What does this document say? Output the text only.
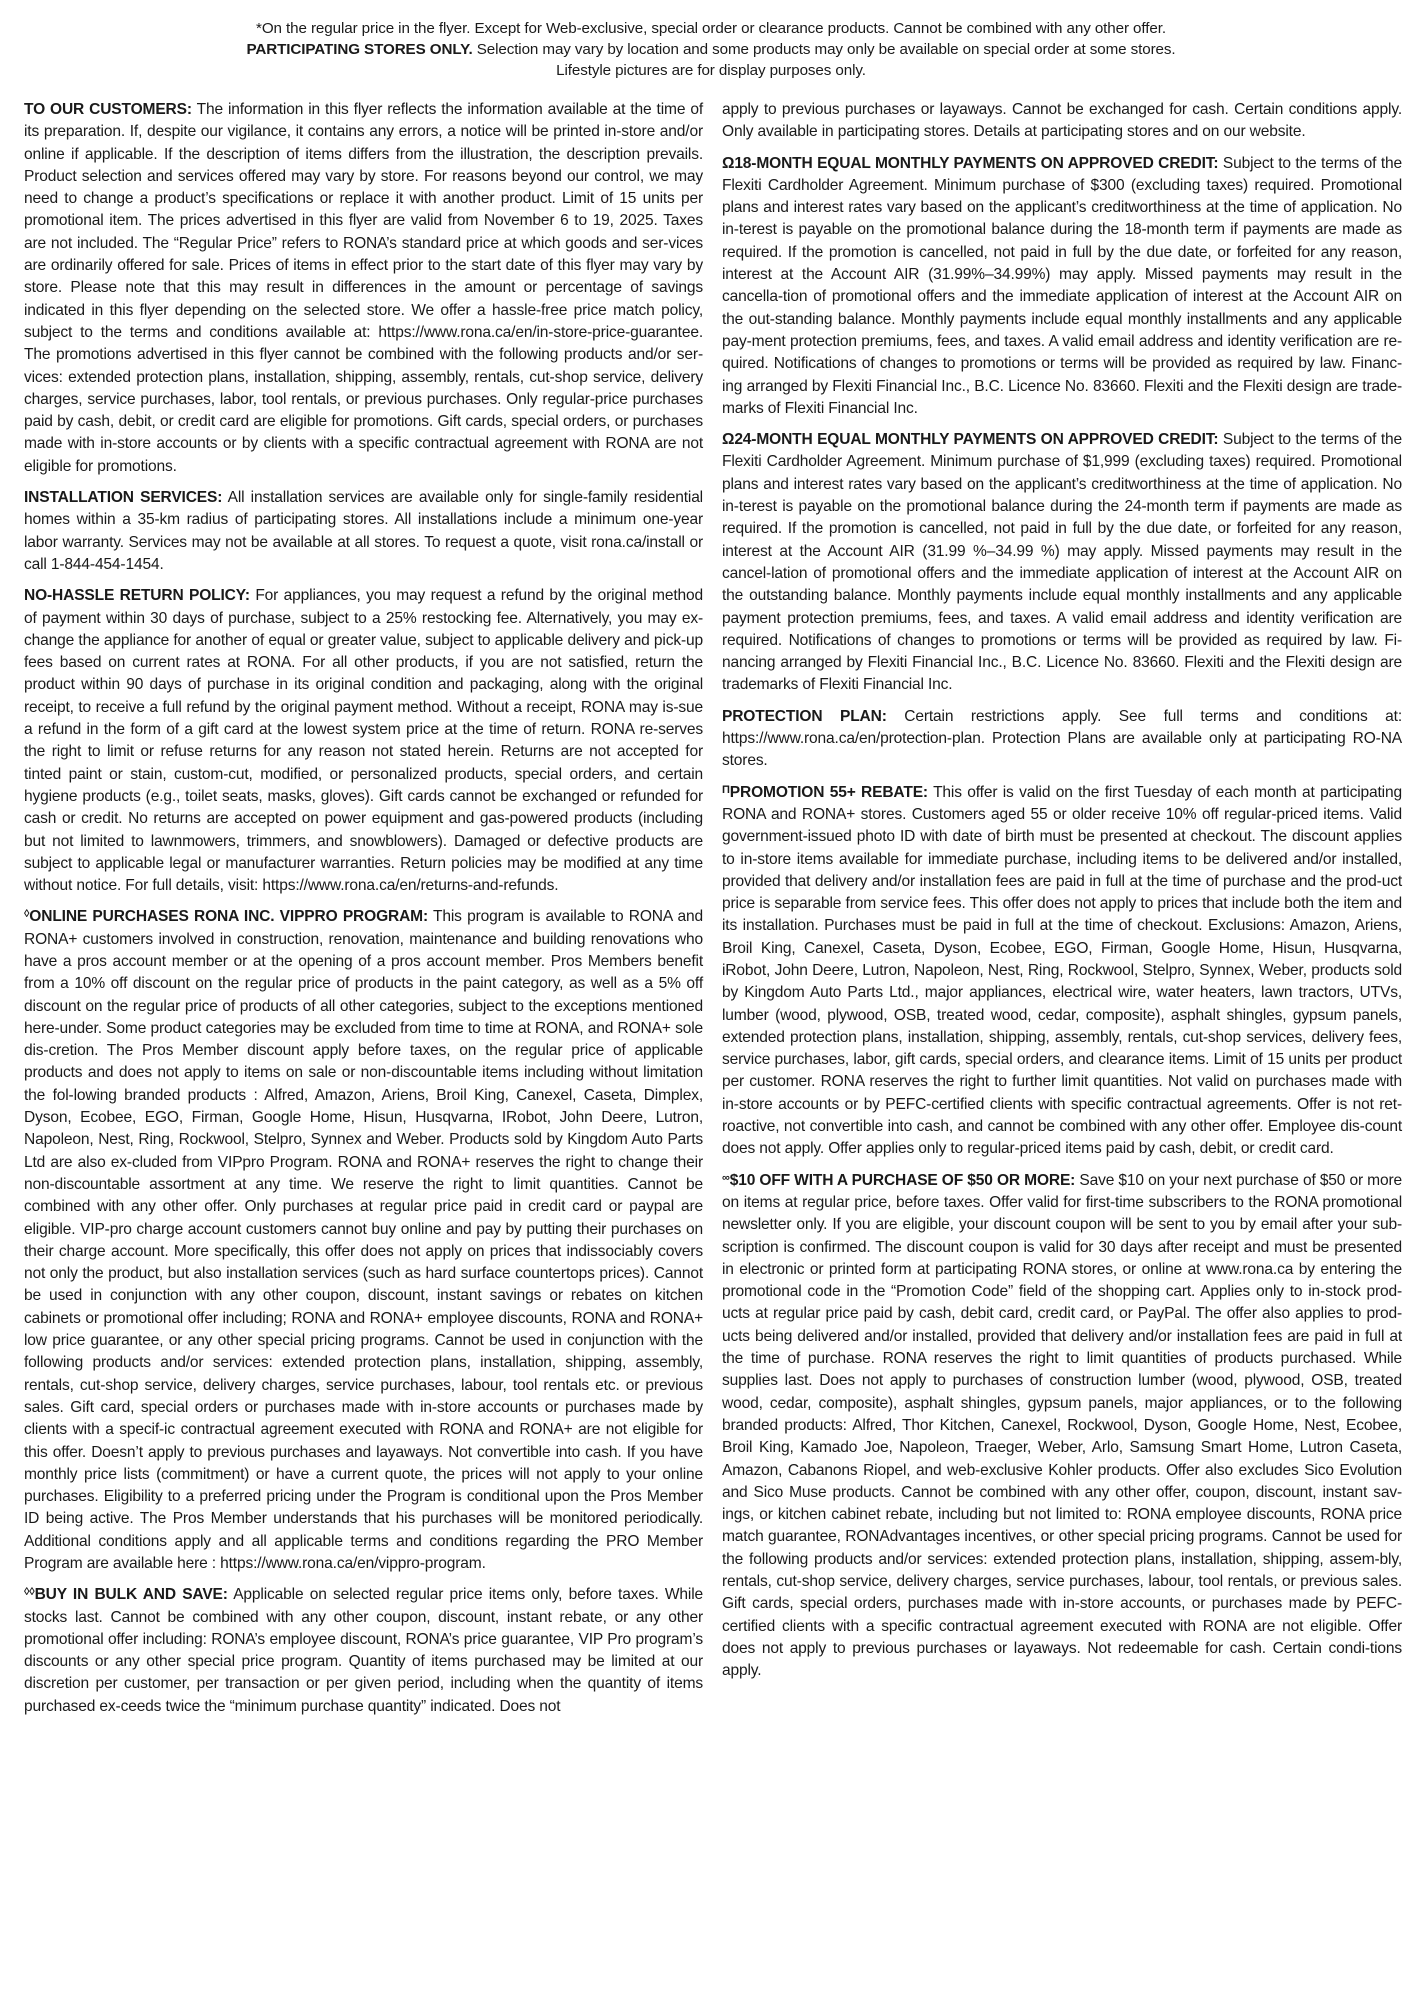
*On the regular price in the flyer. Except for Web-exclusive, special order or clearance products. Cannot be combined with any other offer.
PARTICIPATING STORES ONLY. Selection may vary by location and some products may only be available on special order at some stores.
Lifestyle pictures are for display purposes only.

TO OUR CUSTOMERS: The information in this flyer reflects the information available at the time of its preparation. If, despite our vigilance, it contains any errors, a notice will be printed in-store and/or online if applicable. If the description of items differs from the illustration, the description prevails. Product selection and services offered may vary by store. For reasons beyond our control, we may need to change a product’s specifications or replace it with another product. Limit of 15 units per promotional item. The prices advertised in this flyer are valid from November 6 to 19, 2025. Taxes are not included. The “Regular Price” refers to RONA’s standard price at which goods and ser-vices are ordinarily offered for sale. Prices of items in effect prior to the start date of this flyer may vary by store. Please note that this may result in differences in the amount or percentage of savings indicated in this flyer depending on the selected store. We offer a hassle-free price match policy, subject to the terms and conditions available at: https://www.rona.ca/en/in-store-price-guarantee. The promotions advertised in this flyer cannot be combined with the following products and/or ser-vices: extended protection plans, installation, shipping, assembly, rentals, cut-shop service, delivery charges, service purchases, labor, tool rentals, or previous purchases. Only regular-price purchases paid by cash, debit, or credit card are eligible for promotions. Gift cards, special orders, or purchases made with in-store accounts or by clients with a specific contractual agreement with RONA are not eligible for promotions.

INSTALLATION SERVICES: All installation services are available only for single-family residential homes within a 35-km radius of participating stores. All installations include a minimum one-year labor warranty. Services may not be available at all stores. To request a quote, visit rona.ca/install or call 1-844-454-1454.

NO-HASSLE RETURN POLICY: For appliances, you may request a refund by the original method of payment within 30 days of purchase, subject to a 25% restocking fee. Alternatively, you may ex-change the appliance for another of equal or greater value, subject to applicable delivery and pick-up fees based on current rates at RONA. For all other products, if you are not satisfied, return the product within 90 days of purchase in its original condition and packaging, along with the original receipt, to receive a full refund by the original payment method. Without a receipt, RONA may is-sue a refund in the form of a gift card at the lowest system price at the time of return. RONA re-serves the right to limit or refuse returns for any reason not stated herein. Returns are not accepted for tinted paint or stain, custom-cut, modified, or personalized products, special orders, and certain hygiene products (e.g., toilet seats, masks, gloves). Gift cards cannot be exchanged or refunded for cash or credit. No returns are accepted on power equipment and gas-powered products (including but not limited to lawnmowers, trimmers, and snowblowers). Damaged or defective products are subject to applicable legal or manufacturer warranties. Return policies may be modified at any time without notice. For full details, visit: https://www.rona.ca/en/returns-and-refunds.

◊ONLINE PURCHASES RONA INC. VIPPRO PROGRAM: This program is available to RONA and RONA+ customers involved in construction, renovation, maintenance and building renovations who have a pros account member or at the opening of a pros account member. Pros Members benefit from a 10% off discount on the regular price of products in the paint category, as well as a 5% off discount on the regular price of products of all other categories, subject to the exceptions mentioned here-under. Some product categories may be excluded from time to time at RONA, and RONA+ sole dis-cretion. The Pros Member discount apply before taxes, on the regular price of applicable products and does not apply to items on sale or non-discountable items including without limitation the fol-lowing branded products : Alfred, Amazon, Ariens, Broil King, Canexel, Caseta, Dimplex, Dyson, Ecobee, EGO, Firman, Google Home, Hisun, Husqvarna, IRobot, John Deere, Lutron, Napoleon, Nest, Ring, Rockwool, Stelpro, Synnex and Weber. Products sold by Kingdom Auto Parts Ltd are also ex-cluded from VIPpro Program. RONA and RONA+ reserves the right to change their non-discountable assortment at any time. We reserve the right to limit quantities. Cannot be combined with any other offer. Only purchases at regular price paid in credit card or paypal are eligible. VIP-pro charge account customers cannot buy online and pay by putting their purchases on their charge account. More specifically, this offer does not apply on prices that indissociably covers not only the product, but also installation services (such as hard surface countertops prices). Cannot be used in conjunction with any other coupon, discount, instant savings or rebates on kitchen cabinets or promotional offer including; RONA and RONA+ employee discounts, RONA and RONA+ low price guarantee, or any other special pricing programs. Cannot be used in conjunction with the following products and/or services: extended protection plans, installation, shipping, assembly, rentals, cut-shop service, delivery charges, service purchases, labour, tool rentals etc. or previous sales. Gift card, special orders or purchases made with in-store accounts or purchases made by clients with a specif-ic contractual agreement executed with RONA and RONA+ are not eligible for this offer. Doesn’t apply to previous purchases and layaways. Not convertible into cash. If you have monthly price lists (commitment) or have a current quote, the prices will not apply to your online purchases. Eligibility to a preferred pricing under the Program is conditional upon the Pros Member ID being active. The Pros Member understands that his purchases will be monitored periodically. Additional conditions apply and all applicable terms and conditions regarding the PRO Member Program are available here : https://www.rona.ca/en/vippro-program.

◊◊BUY IN BULK AND SAVE: Applicable on selected regular price items only, before taxes. While stocks last. Cannot be combined with any other coupon, discount, instant rebate, or any other promotional offer including: RONA’s employee discount, RONA’s price guarantee, VIP Pro program’s discounts or any other special price program. Quantity of items purchased may be limited at our discretion per customer, per transaction or per given period, including when the quantity of items purchased ex-ceeds twice the “minimum purchase quantity” indicated. Does not

apply to previous purchases or layaways. Cannot be exchanged for cash. Certain conditions apply. Only available in participating stores. Details at participating stores and on our website.

Ω18-MONTH EQUAL MONTHLY PAYMENTS ON APPROVED CREDIT: Subject to the terms of the Flexiti Cardholder Agreement. Minimum purchase of $300 (excluding taxes) required. Promotional plans and interest rates vary based on the applicant’s creditworthiness at the time of application. No in-terest is payable on the promotional balance during the 18-month term if payments are made as required. If the promotion is cancelled, not paid in full by the due date, or forfeited for any reason, interest at the Account AIR (31.99%–34.99%) may apply. Missed payments may result in the cancella-tion of promotional offers and the immediate application of interest at the Account AIR on the out-standing balance. Monthly payments include equal monthly installments and any applicable pay-ment protection premiums, fees, and taxes. A valid email address and identity verification are re-quired. Notifications of changes to promotions or terms will be provided as required by law. Financ-ing arranged by Flexiti Financial Inc., B.C. Licence No. 83660. Flexiti and the Flexiti design are trade-marks of Flexiti Financial Inc.

Ω24-MONTH EQUAL MONTHLY PAYMENTS ON APPROVED CREDIT: Subject to the terms of the Flexiti Cardholder Agreement. Minimum purchase of $1,999 (excluding taxes) required. Promotional plans and interest rates vary based on the applicant’s creditworthiness at the time of application. No in-terest is payable on the promotional balance during the 24-month term if payments are made as required. If the promotion is cancelled, not paid in full by the due date, or forfeited for any reason, interest at the Account AIR (31.99 %–34.99 %) may apply. Missed payments may result in the cancel-lation of promotional offers and the immediate application of interest at the Account AIR on the outstanding balance. Monthly payments include equal monthly installments and any applicable payment protection premiums, fees, and taxes. A valid email address and identity verification are required. Notifications of changes to promotions or terms will be provided as required by law. Fi-nancing arranged by Flexiti Financial Inc., B.C. Licence No. 83660. Flexiti and the Flexiti design are trademarks of Flexiti Financial Inc.

PROTECTION PLAN: Certain restrictions apply. See full terms and conditions at: https://www.rona.ca/en/protection-plan. Protection Plans are available only at participating RO-NA stores.

$^\Pi$PROMOTION 55+ REBATE: This offer is valid on the first Tuesday of each month at participating RONA and RONA+ stores. Customers aged 55 or older receive 10% off regular-priced items. Valid government-issued photo ID with date of birth must be presented at checkout. The discount applies to in-store items available for immediate purchase, including items to be delivered and/or installed, provided that delivery and/or installation fees are paid in full at the time of purchase and the prod-uct price is separable from service fees. This offer does not apply to prices that include both the item and its installation. Purchases must be paid in full at the time of checkout. Exclusions: Amazon, Ariens, Broil King, Canexel, Caseta, Dyson, Ecobee, EGO, Firman, Google Home, Hisun, Husqvarna, iRobot, John Deere, Lutron, Napoleon, Nest, Ring, Rockwool, Stelpro, Synnex, Weber, products sold by Kingdom Auto Parts Ltd., major appliances, electrical wire, water heaters, lawn tractors, UTVs, lumber (wood, plywood, OSB, treated wood, cedar, composite), asphalt shingles, gypsum panels, extended protection plans, installation, shipping, assembly, rentals, cut-shop services, delivery fees, service purchases, labor, gift cards, special orders, and clearance items. Limit of 15 units per product per customer. RONA reserves the right to further limit quantities. Not valid on purchases made with in-store accounts or by PEFC-certified clients with specific contractual agreements. Offer is not ret-roactive, not convertible into cash, and cannot be combined with any other offer. Employee dis-count does not apply. Offer applies only to regular-priced items paid by cash, debit, or credit card.

∞$10 OFF WITH A PURCHASE OF $50 OR MORE: Save $10 on your next purchase of $50 or more on items at regular price, before taxes. Offer valid for first-time subscribers to the RONA promotional newsletter only. If you are eligible, your discount coupon will be sent to you by email after your sub-scription is confirmed. The discount coupon is valid for 30 days after receipt and must be presented in electronic or printed form at participating RONA stores, or online at www.rona.ca by entering the promotional code in the “Promotion Code” field of the shopping cart. Applies only to in-stock prod-ucts at regular price paid by cash, debit card, credit card, or PayPal. The offer also applies to prod-ucts being delivered and/or installed, provided that delivery and/or installation fees are paid in full at the time of purchase. RONA reserves the right to limit quantities of products purchased. While supplies last. Does not apply to purchases of construction lumber (wood, plywood, OSB, treated wood, cedar, composite), asphalt shingles, gypsum panels, major appliances, or to the following branded products: Alfred, Thor Kitchen, Canexel, Rockwool, Dyson, Google Home, Nest, Ecobee, Broil King, Kamado Joe, Napoleon, Traeger, Weber, Arlo, Samsung Smart Home, Lutron Caseta, Amazon, Cabanons Riopel, and web-exclusive Kohler products. Offer also excludes Sico Evolution and Sico Muse products. Cannot be combined with any other offer, coupon, discount, instant sav-ings, or kitchen cabinet rebate, including but not limited to: RONA employee discounts, RONA price match guarantee, RONAdvantages incentives, or other special pricing programs. Cannot be used for the following products and/or services: extended protection plans, installation, shipping, assem-bly, rentals, cut-shop service, delivery charges, service purchases, labour, tool rentals, or previous sales. Gift cards, special orders, purchases made with in-store accounts, or purchases made by PEFC-certified clients with a specific contractual agreement executed with RONA are not eligible. Offer does not apply to previous purchases or layaways. Not redeemable for cash. Certain condi-tions apply.
